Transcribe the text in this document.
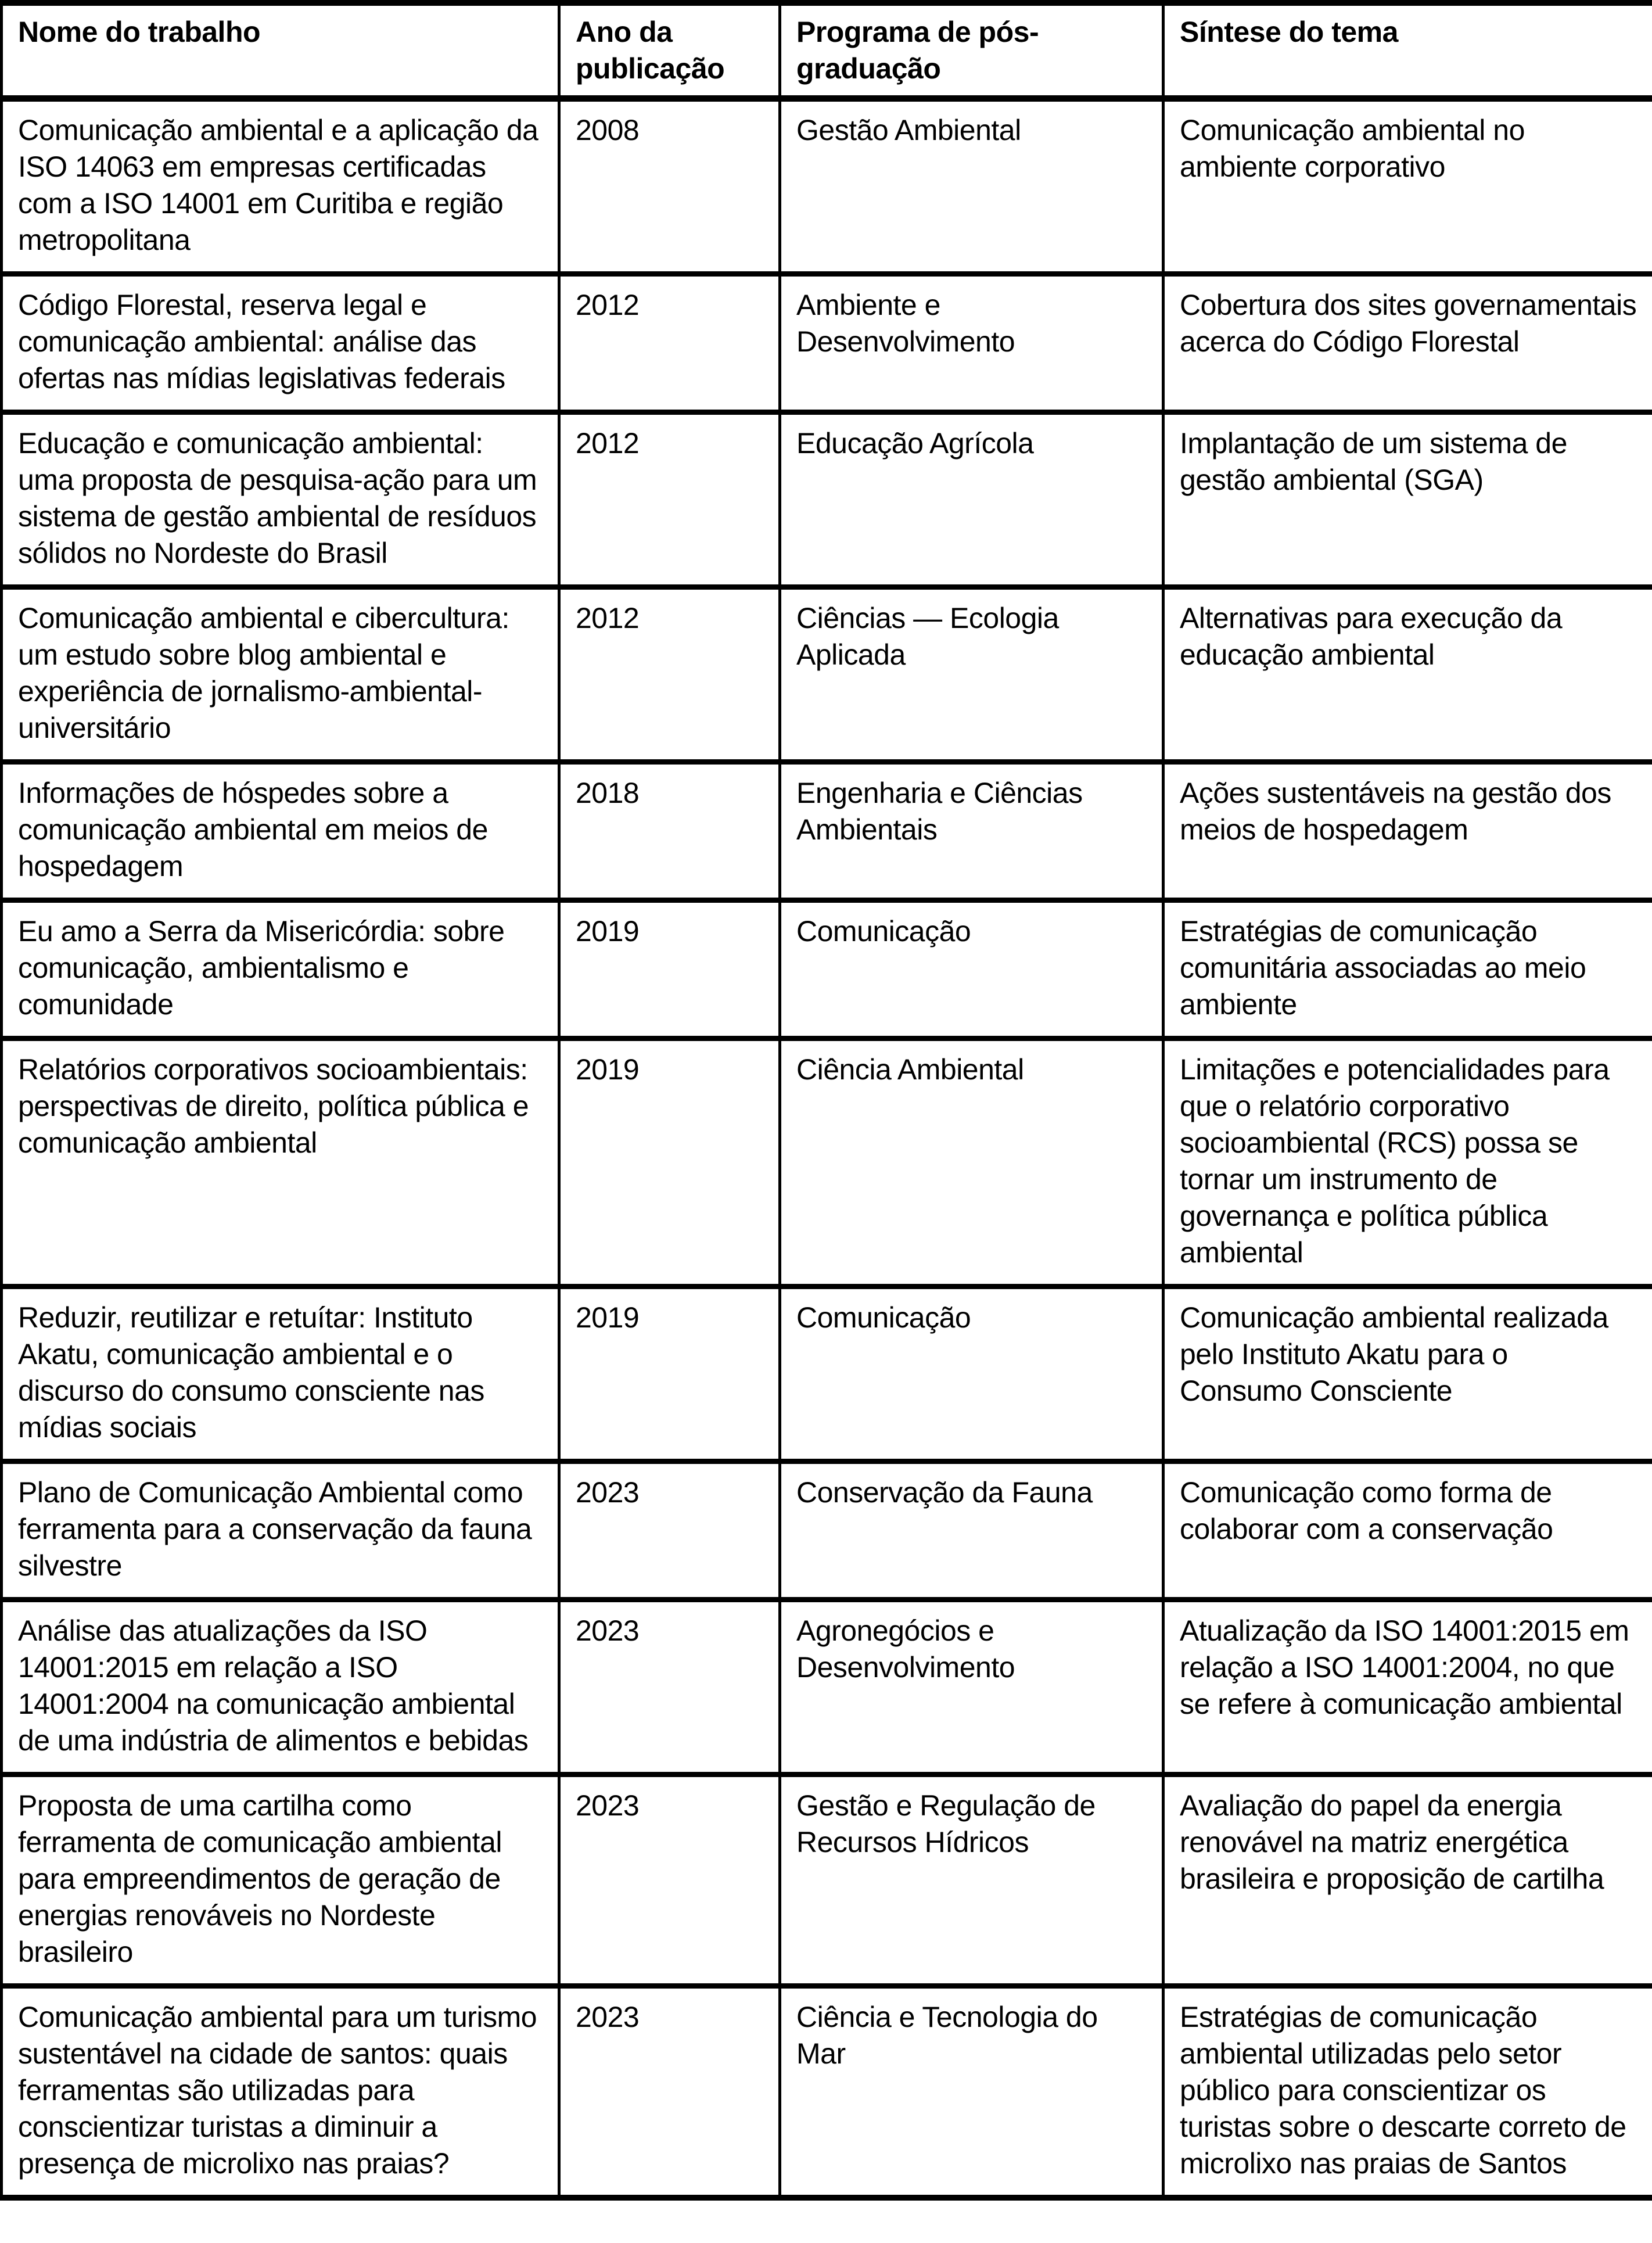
Nome do trabalho	Ano da publicação	Programa de pós-graduação	Síntese do tema
Comunicação ambiental e a aplicação da ISO 14063 em empresas certificadas com a ISO 14001 em Curitiba e região metropolitana	2008	Gestão Ambiental	Comunicação ambiental no ambiente corporativo
Código Florestal, reserva legal e comunicação ambiental: análise das ofertas nas mídias legislativas federais	2012	Ambiente e Desenvolvimento	Cobertura dos sites governamentais acerca do Código Florestal
Educação e comunicação ambiental: uma proposta de pesquisa-ação para um sistema de gestão ambiental de resíduos sólidos no Nordeste do Brasil	2012	Educação Agrícola	Implantação de um sistema de gestão ambiental (SGA)
Comunicação ambiental e cibercultura: um estudo sobre blog ambiental e experiência de jornalismo-ambiental-universitário	2012	Ciências — Ecologia Aplicada	Alternativas para execução da educação ambiental
Informações de hóspedes sobre a comunicação ambiental em meios de hospedagem	2018	Engenharia e Ciências Ambientais	Ações sustentáveis na gestão dos meios de hospedagem
Eu amo a Serra da Misericórdia: sobre comunicação, ambientalismo e comunidade	2019	Comunicação	Estratégias de comunicação comunitária associadas ao meio ambiente
Relatórios corporativos socioambientais: perspectivas de direito, política pública e comunicação ambiental	2019	Ciência Ambiental	Limitações e potencialidades para que o relatório corporativo socioambiental (RCS) possa se tornar um instrumento de governança e política pública ambiental
Reduzir, reutilizar e retuítar: Instituto Akatu, comunicação ambiental e o discurso do consumo consciente nas mídias sociais	2019	Comunicação	Comunicação ambiental realizada pelo Instituto Akatu para o Consumo Consciente
Plano de Comunicação Ambiental como ferramenta para a conservação da fauna silvestre	2023	Conservação da Fauna	Comunicação como forma de colaborar com a conservação
Análise das atualizações da ISO 14001:2015 em relação a ISO 14001:2004 na comunicação ambiental de uma indústria de alimentos e bebidas	2023	Agronegócios e Desenvolvimento	Atualização da ISO 14001:2015 em relação a ISO 14001:2004, no que se refere à comunicação ambiental
Proposta de uma cartilha como ferramenta de comunicação ambiental para empreendimentos de geração de energias renováveis no Nordeste brasileiro	2023	Gestão e Regulação de Recursos Hídricos	Avaliação do papel da energia renovável na matriz energética brasileira e proposição de cartilha
Comunicação ambiental para um turismo sustentável na cidade de santos: quais ferramentas são utilizadas para conscientizar turistas a diminuir a presença de microlixo nas praias?	2023	Ciência e Tecnologia do Mar	Estratégias de comunicação ambiental utilizadas pelo setor público para conscientizar os turistas sobre o descarte correto de microlixo nas praias de Santos
